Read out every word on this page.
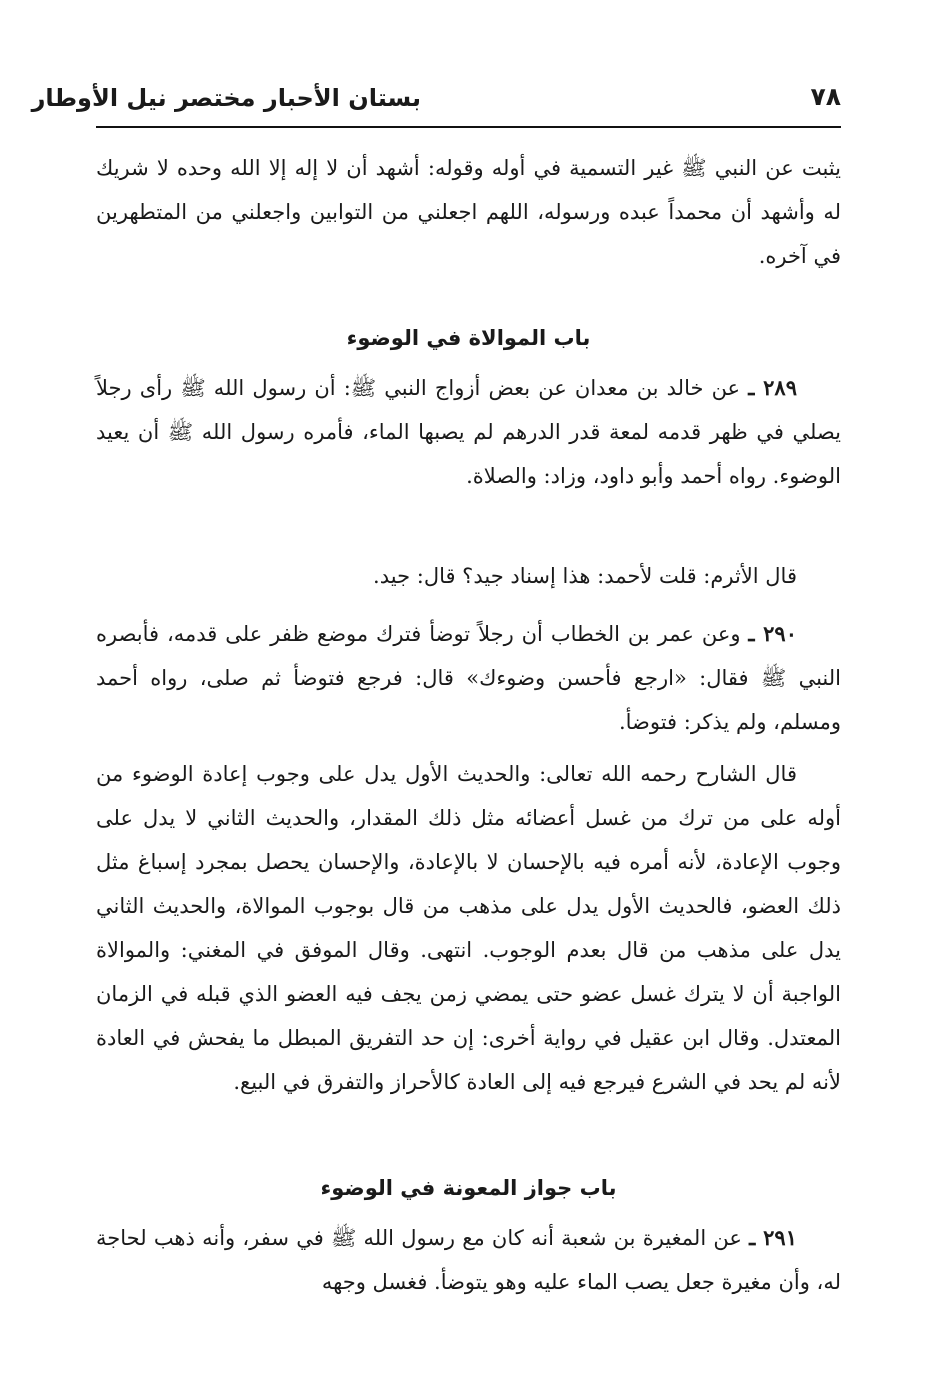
٧٨
بستان الأحبار مختصر نيل الأوطار

يثبت عن النبي ﷺ غير التسمية في أوله وقوله: أشهد أن لا إله إلا الله وحده لا شريك له وأشهد أن محمداً عبده ورسوله، اللهم اجعلني من التوابين واجعلني من المتطهرين في آخره.

باب الموالاة في الوضوء

٢٨٩ ـ عن خالد بن معدان عن بعض أزواج النبي ﷺ: أن رسول الله ﷺ رأى رجلاً يصلي في ظهر قدمه لمعة قدر الدرهم لم يصبها الماء، فأمره رسول الله ﷺ أن يعيد الوضوء. رواه أحمد وأبو داود، وزاد: والصلاة.

قال الأثرم: قلت لأحمد: هذا إسناد جيد؟ قال: جيد.

٢٩٠ ـ وعن عمر بن الخطاب أن رجلاً توضأ فترك موضع ظفر على قدمه، فأبصره النبي ﷺ فقال: «ارجع فأحسن وضوءك» قال: فرجع فتوضأ ثم صلى، رواه أحمد ومسلم، ولم يذكر: فتوضأ.

قال الشارح رحمه الله تعالى: والحديث الأول يدل على وجوب إعادة الوضوء من أوله على من ترك من غسل أعضائه مثل ذلك المقدار، والحديث الثاني لا يدل على وجوب الإعادة، لأنه أمره فيه بالإحسان لا بالإعادة، والإحسان يحصل بمجرد إسباغ مثل ذلك العضو، فالحديث الأول يدل على مذهب من قال بوجوب الموالاة، والحديث الثاني يدل على مذهب من قال بعدم الوجوب. انتهى. وقال الموفق في المغني: والموالاة الواجبة أن لا يترك غسل عضو حتى يمضي زمن يجف فيه العضو الذي قبله في الزمان المعتدل. وقال ابن عقيل في رواية أخرى: إن حد التفريق المبطل ما يفحش في العادة لأنه لم يحد في الشرع فيرجع فيه إلى العادة كالأحراز والتفرق في البيع.

باب جواز المعونة في الوضوء

٢٩١ ـ عن المغيرة بن شعبة أنه كان مع رسول الله ﷺ في سفر، وأنه ذهب لحاجة له، وأن مغيرة جعل يصب الماء عليه وهو يتوضأ. فغسل وجهه
